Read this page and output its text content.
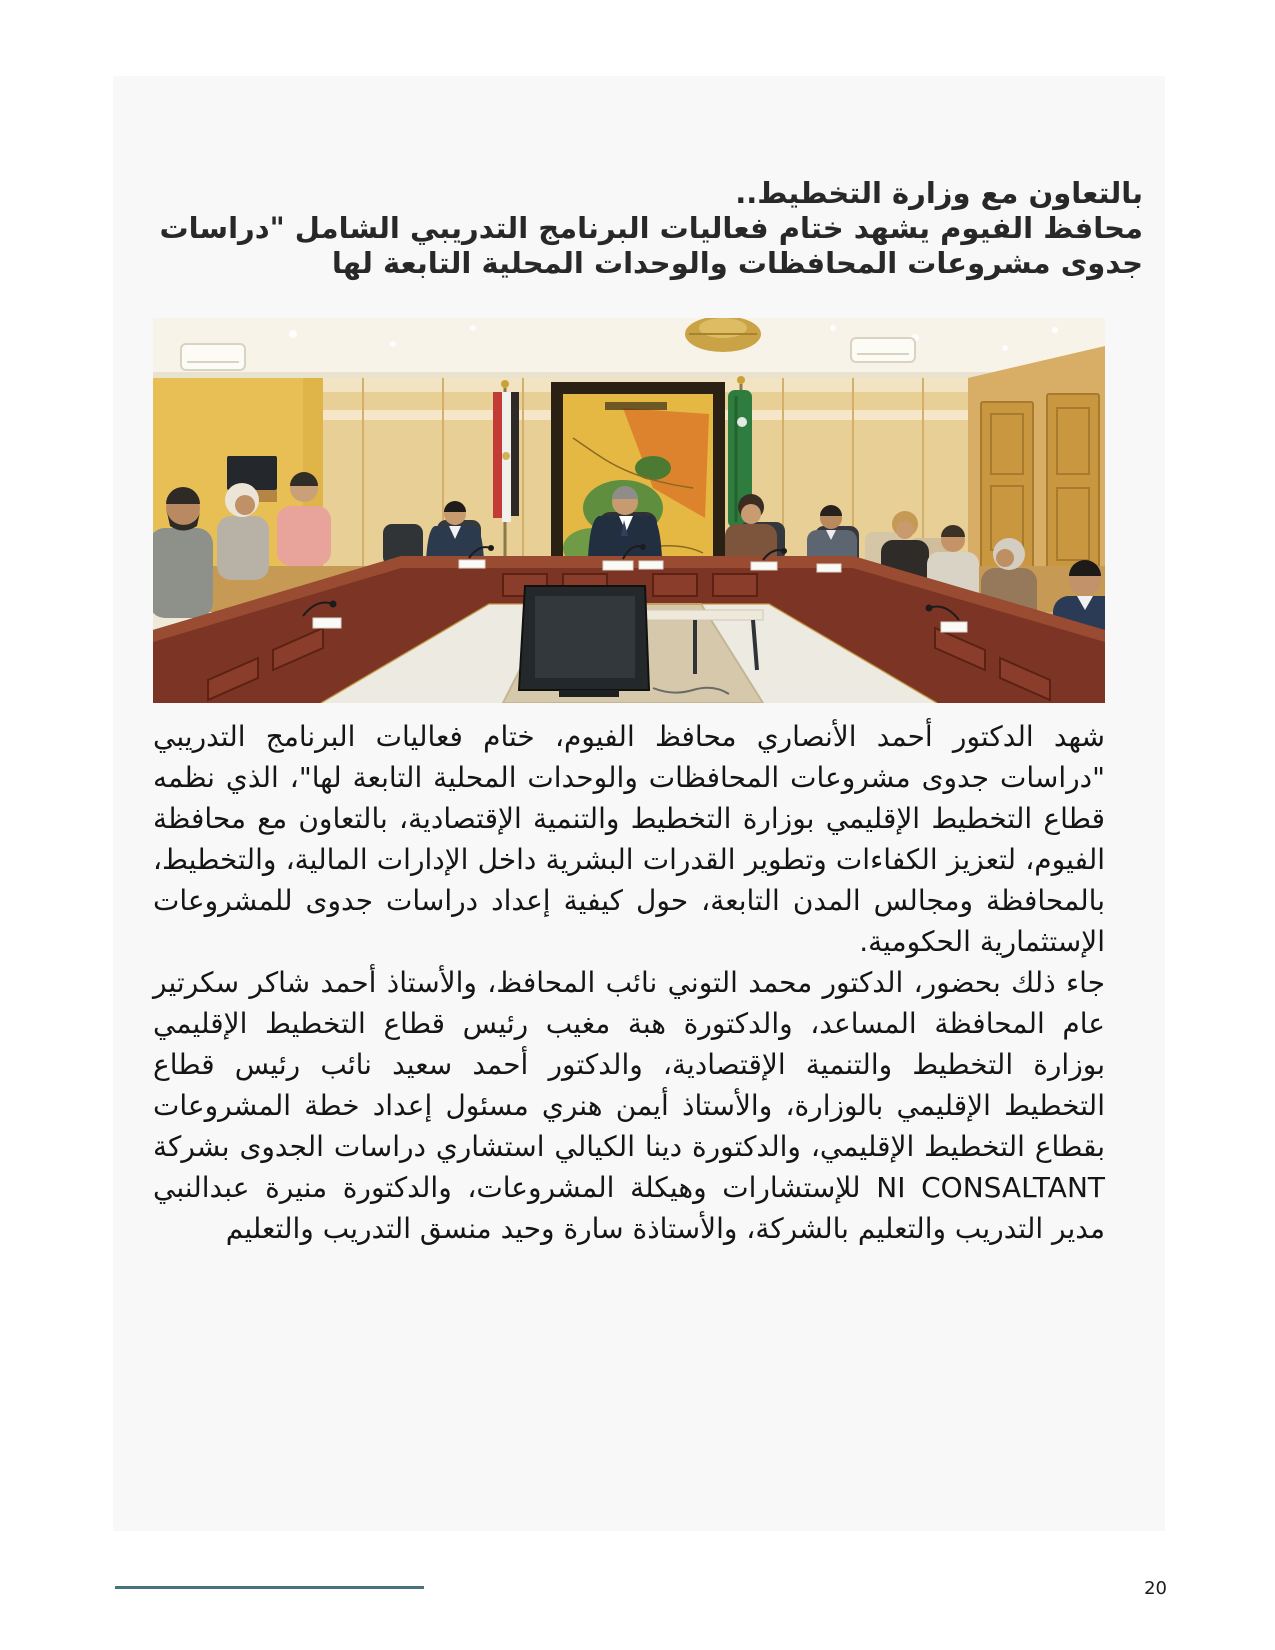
بالتعاون مع وزارة التخطيط..
محافظ الفيوم يشهد ختام فعاليات البرنامج التدريبي الشامل "دراسات جدوى مشروعات المحافظات والوحدات المحلية التابعة لها

شهد الدكتور أحمد الأنصاري محافظ الفيوم، ختام فعاليات البرنامج التدريبي "دراسات جدوى مشروعات المحافظات والوحدات المحلية التابعة لها"، الذي نظمه قطاع التخطيط الإقليمي بوزارة التخطيط والتنمية الإقتصادية، بالتعاون مع محافظة الفيوم، لتعزيز الكفاءات وتطوير القدرات البشرية داخل الإدارات المالية، والتخطيط، بالمحافظة ومجالس المدن التابعة، حول كيفية إعداد دراسات جدوى للمشروعات الإستثمارية الحكومية.

جاء ذلك بحضور، الدكتور محمد التوني نائب المحافظ، والأستاذ أحمد شاكر سكرتير عام المحافظة المساعد، والدكتورة هبة مغيب رئيس قطاع التخطيط الإقليمي بوزارة التخطيط والتنمية الإقتصادية، والدكتور أحمد سعيد نائب رئيس قطاع التخطيط الإقليمي بالوزارة، والأستاذ أيمن هنري مسئول إعداد خطة المشروعات بقطاع التخطيط الإقليمي، والدكتورة دينا الكيالي استشاري دراسات الجدوى بشركة NI CONSALTANT للإستشارات وهيكلة المشروعات، والدكتورة منيرة عبدالنبي مدير التدريب والتعليم بالشركة، والأستاذة سارة وحيد منسق التدريب والتعليم

20
